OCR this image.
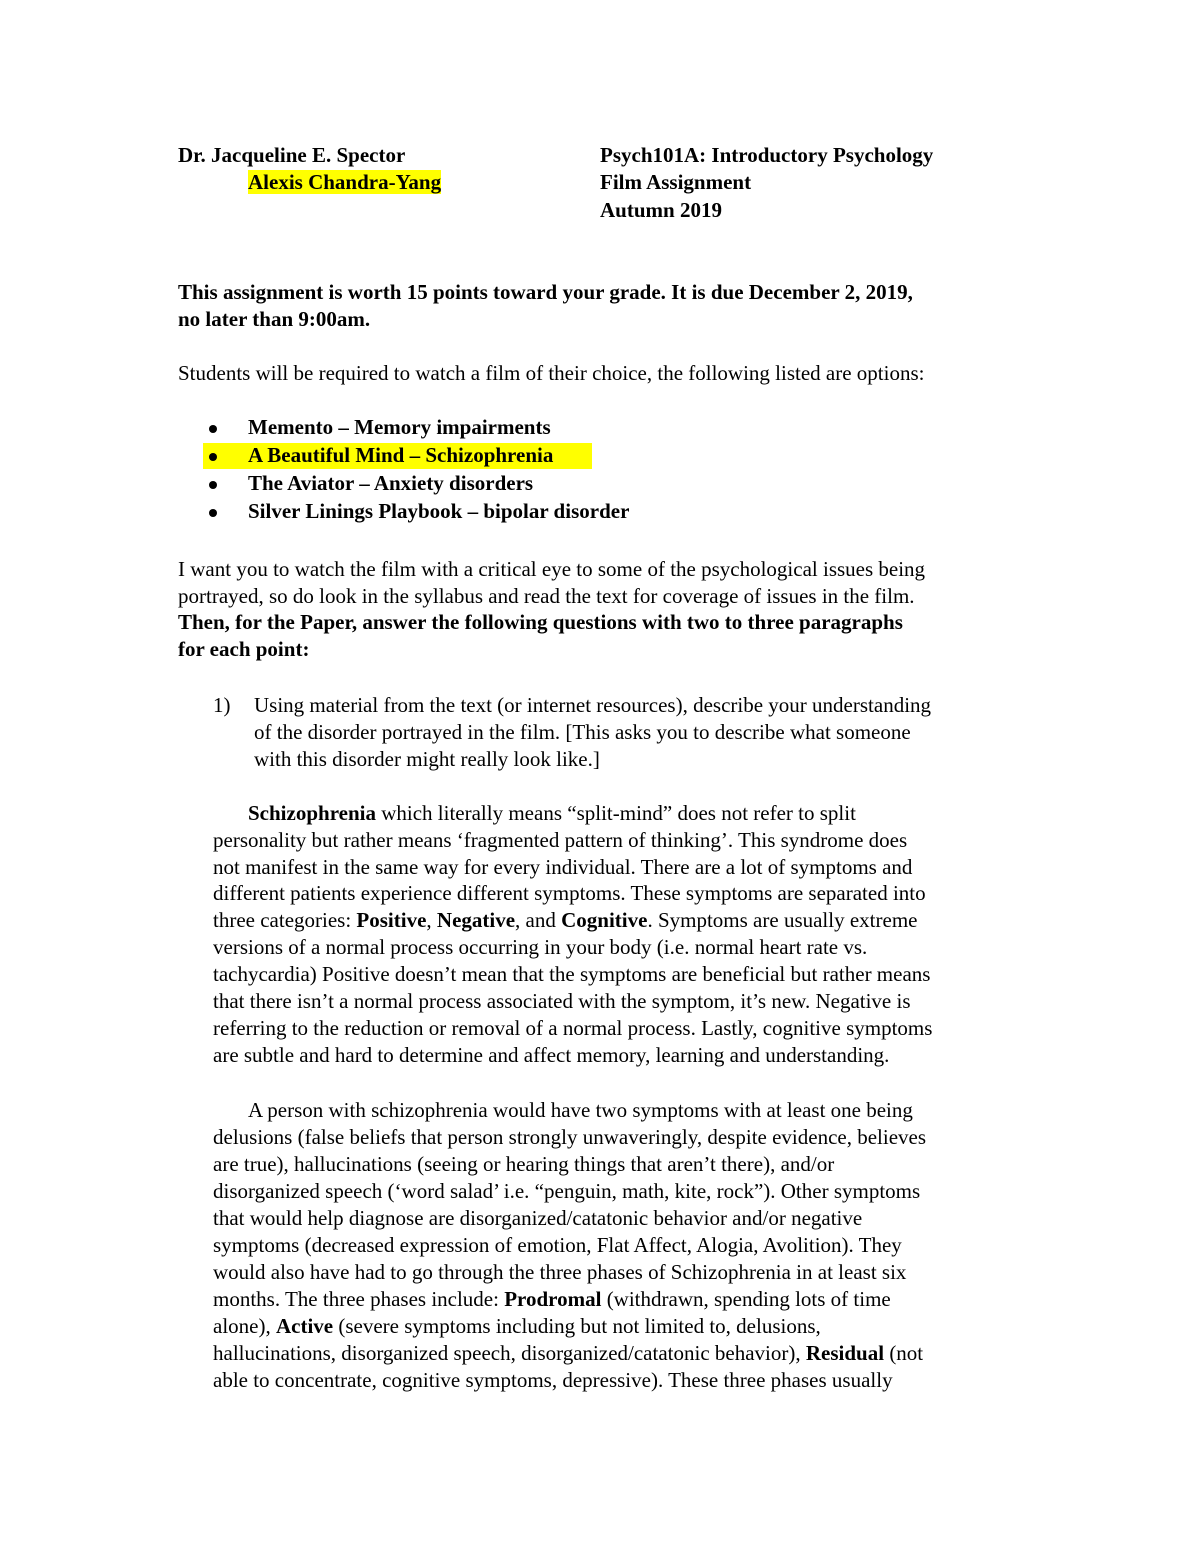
Dr. Jacqueline E. Spector
Alexis Chandra-Yang
Psych101A: Introductory Psychology
Film Assignment
Autumn 2019
This assignment is worth 15 points toward your grade. It is due December 2, 2019,
no later than 9:00am.
Students will be required to watch a film of their choice, the following listed are options:
Memento – Memory impairments
A Beautiful Mind – Schizophrenia
The Aviator – Anxiety disorders
Silver Linings Playbook – bipolar disorder
I want you to watch the film with a critical eye to some of the psychological issues being
portrayed, so do look in the syllabus and read the text for coverage of issues in the film.
Then, for the Paper, answer the following questions with two to three paragraphs
for each point:
1) Using material from the text (or internet resources), describe your understanding
of the disorder portrayed in the film. [This asks you to describe what someone
with this disorder might really look like.]
Schizophrenia which literally means “split-mind” does not refer to split
personality but rather means ‘fragmented pattern of thinking’. This syndrome does
not manifest in the same way for every individual. There are a lot of symptoms and
different patients experience different symptoms. These symptoms are separated into
three categories: Positive, Negative, and Cognitive. Symptoms are usually extreme
versions of a normal process occurring in your body (i.e. normal heart rate vs.
tachycardia) Positive doesn’t mean that the symptoms are beneficial but rather means
that there isn’t a normal process associated with the symptom, it’s new. Negative is
referring to the reduction or removal of a normal process. Lastly, cognitive symptoms
are subtle and hard to determine and affect memory, learning and understanding.
A person with schizophrenia would have two symptoms with at least one being
delusions (false beliefs that person strongly unwaveringly, despite evidence, believes
are true), hallucinations (seeing or hearing things that aren’t there), and/or
disorganized speech (‘word salad’ i.e. “penguin, math, kite, rock”). Other symptoms
that would help diagnose are disorganized/catatonic behavior and/or negative
symptoms (decreased expression of emotion, Flat Affect, Alogia, Avolition). They
would also have had to go through the three phases of Schizophrenia in at least six
months. The three phases include: Prodromal (withdrawn, spending lots of time
alone), Active (severe symptoms including but not limited to, delusions,
hallucinations, disorganized speech, disorganized/catatonic behavior), Residual (not
able to concentrate, cognitive symptoms, depressive). These three phases usually
